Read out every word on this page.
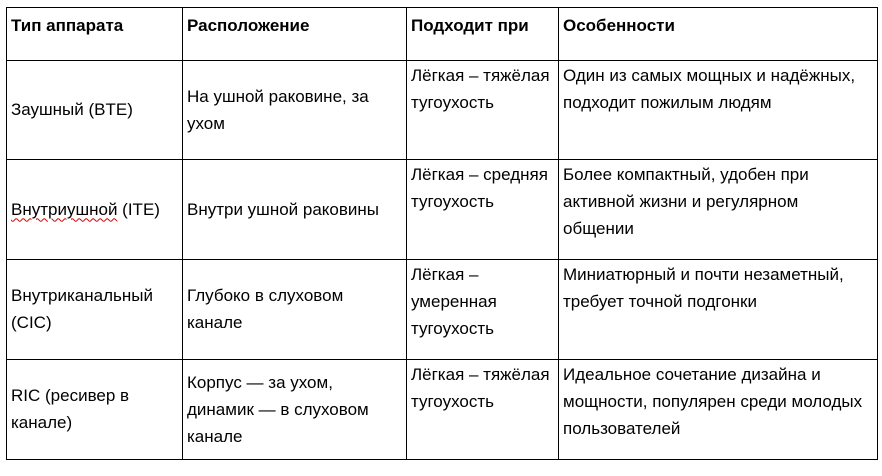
Тип аппарата	Расположение	Подходит при	Особенности
Заушный (BTE)	На ушной раковине, за ухом	Лёгкая – тяжёлая тугоухость	Один из самых мощных и надёжных, подходит пожилым людям
Внутриушной (ITE)	Внутри ушной раковины	Лёгкая – средняя тугоухость	Более компактный, удобен при активной жизни и регулярном общении
Внутриканальный (CIC)	Глубоко в слуховом канале	Лёгкая – умеренная тугоухость	Миниатюрный и почти незаметный, требует точной подгонки
RIC (ресивер в канале)	Корпус — за ухом, динамик — в слуховом канале	Лёгкая – тяжёлая тугоухость	Идеальное сочетание дизайна и мощности, популярен среди молодых пользователей
